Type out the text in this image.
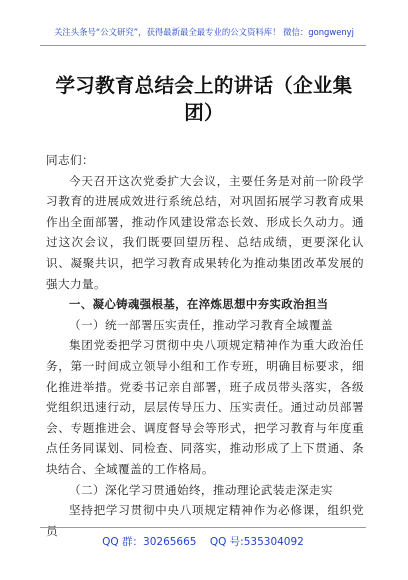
关注头条号“公文研究”，获得最新最全最专业的公文资料库！ 微信：gongwenyj
学习教育总结会上的讲话（企业集
团）

同志们：

今天召开这次党委扩大会议，主要任务是对前一阶段学习教育的进展成效进行系统总结，对巩固拓展学习教育成果作出全面部署，推动作风建设常态长效、形成长久动力。通过这次会议，我们既要回望历程、总结成绩，更要深化认识、凝聚共识，把学习教育成果转化为推动集团改革发展的强大力量。

一、凝心铸魂强根基，在淬炼思想中夯实政治担当

（一）统一部署压实责任，推动学习教育全域覆盖

集团党委把学习贯彻中央八项规定精神作为重大政治任务，第一时间成立领导小组和工作专班，明确目标要求，细化推进举措。党委书记亲自部署，班子成员带头落实，各级党组织迅速行动，层层传导压力、压实责任。通过动员部署会、专题推进会、调度督导会等形式，把学习教育与年度重点任务同谋划、同检查、同落实，推动形成了上下贯通、条块结合、全域覆盖的工作格局。

（二）深化学习贯通始终，推动理论武装走深走实

坚持把学习贯彻中央八项规定精神作为必修课，组织党员

QQ 群：30265665 QQ 号:535304092
